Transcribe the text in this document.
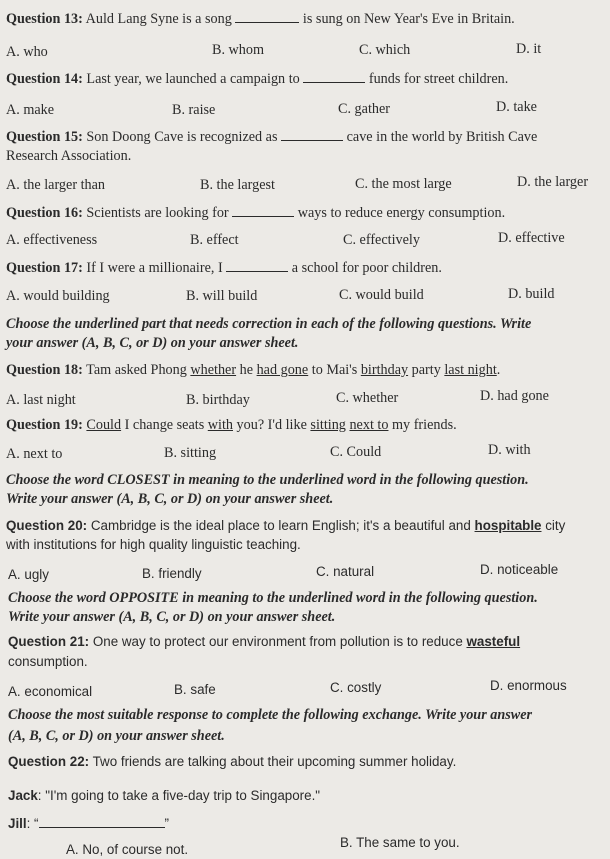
Question 13: Auld Lang Syne is a song	is sung on New Year's Eve in Britain.
A. who	B. whom	C. which	D. it
Question 14: Last year, we launched a campaign to	funds for street children.
A. make	B. raise	C. gather	D. take
Question 15: Son Doong Cave is recognized as	cave in the world by British Cave
Research Association.
A. the larger than	B. the largest	C. the most large	D. the larger
Question 16: Scientists are looking for	ways to reduce energy consumption.
A. effectiveness	B. effect	C. effectively	D. effective
Question 17: If I were a millionaire, I	a school for poor children.
A. would building	B. will build	C. would build	D. build
Choose the underlined part that needs correction in each of the following questions. Write
your answer (A, B, C, or D) on your answer sheet.
Question 18: Tam asked Phong whether he had gone to Mai's birthday party last night.
A. last night	B. birthday	C. whether	D. had gone
Question 19: Could I change seats with you? I'd like sitting next to my friends.
A. next to	B. sitting	C. Could	D. with
Choose the word CLOSEST in meaning to the underlined word in the following question.
Write your answer (A, B, C, or D) on your answer sheet.
Question 20: Cambridge is the ideal place to learn English; it's a beautiful and hospitable city
with institutions for high quality linguistic teaching.
A. ugly	B. friendly	C. natural	D. noticeable
Choose the word OPPOSITE in meaning to the underlined word in the following question.
Write your answer (A, B, C, or D) on your answer sheet.
Question 21: One way to protect our environment from pollution is to reduce wasteful
consumption.
A. economical	B. safe	C. costly	D. enormous
Choose the most suitable response to complete the following exchange. Write your answer
(A, B, C, or D) on your answer sheet.
Question 22: Two friends are talking about their upcoming summer holiday.
Jack: "I'm going to take a five-day trip to Singapore."
Jill: “	”
A. No, of course not.	B. The same to you.
